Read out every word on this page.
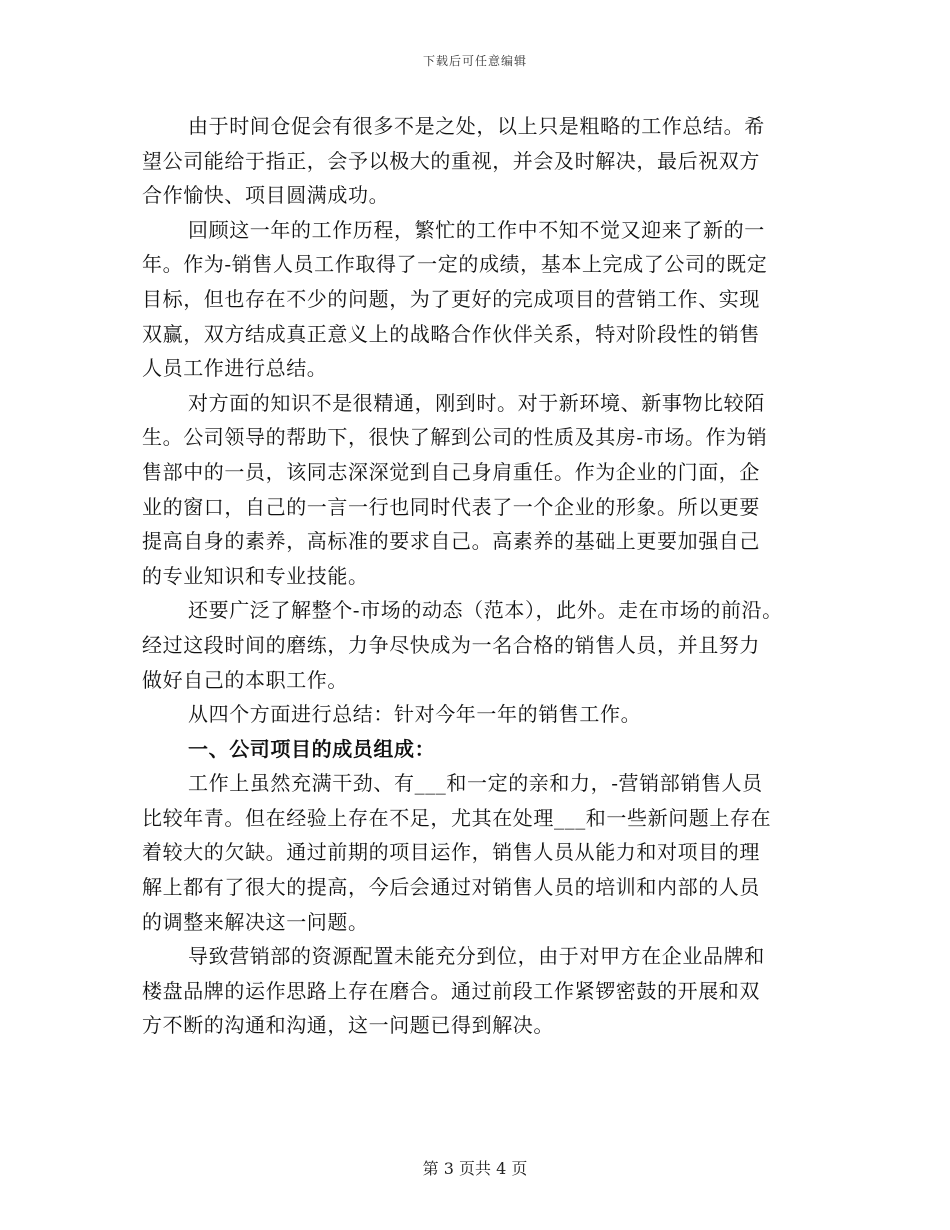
下载后可任意编辑
由于时间仓促会有很多不是之处，以上只是粗略的工作总结。希
望公司能给于指正，会予以极大的重视，并会及时解决，最后祝双方
合作愉快、项目圆满成功。
回顾这一年的工作历程，繁忙的工作中不知不觉又迎来了新的一
年。作为-销售人员工作取得了一定的成绩，基本上完成了公司的既定
目标，但也存在不少的问题，为了更好的完成项目的营销工作、实现
双赢，双方结成真正意义上的战略合作伙伴关系，特对阶段性的销售
人员工作进行总结。
对方面的知识不是很精通，刚到时。对于新环境、新事物比较陌
生。公司领导的帮助下，很快了解到公司的性质及其房-市场。作为销
售部中的一员，该同志深深觉到自己身肩重任。作为企业的门面，企
业的窗口，自己的一言一行也同时代表了一个企业的形象。所以更要
提高自身的素养，高标准的要求自己。高素养的基础上更要加强自己
的专业知识和专业技能。
还要广泛了解整个-市场的动态（范本），此外。走在市场的前沿。
经过这段时间的磨练，力争尽快成为一名合格的销售人员，并且努力
做好自己的本职工作。
从四个方面进行总结：针对今年一年的销售工作。
一、公司项目的成员组成：
工作上虽然充满干劲、有___和一定的亲和力，-营销部销售人员
比较年青。但在经验上存在不足，尤其在处理___和一些新问题上存在
着较大的欠缺。通过前期的项目运作，销售人员从能力和对项目的理
解上都有了很大的提高，今后会通过对销售人员的培训和内部的人员
的调整来解决这一问题。
导致营销部的资源配置未能充分到位，由于对甲方在企业品牌和
楼盘品牌的运作思路上存在磨合。通过前段工作紧锣密鼓的开展和双
方不断的沟通和沟通，这一问题已得到解决。
第 3 页共 4 页
